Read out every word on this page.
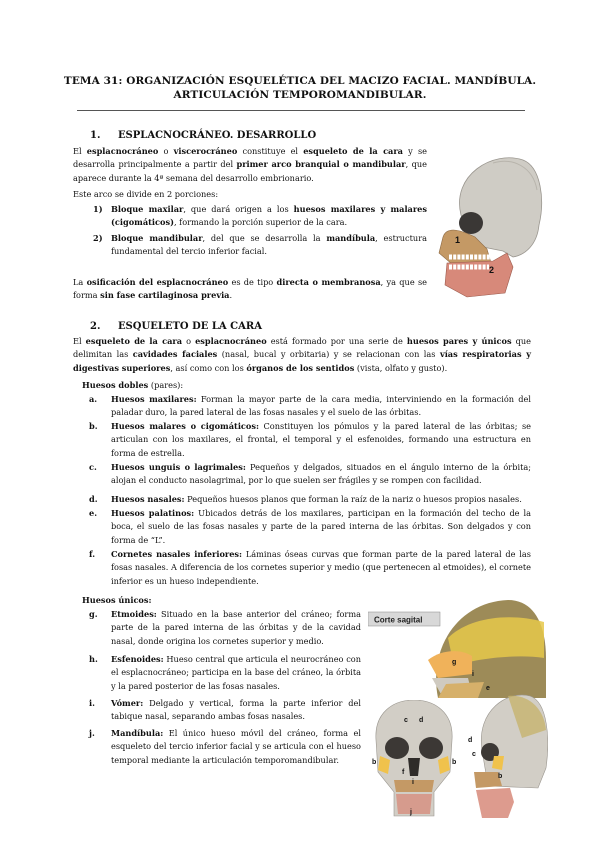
TEMA 31: ORGANIZACIÓN ESQUELÉTICA DEL MACIZO FACIAL. MANDÍBULA.
ARTICULACIÓN TEMPOROMANDIBULAR.
1. ESPLACNOCRÁNEO. DESARROLLO
El esplacnocráneo o viscerocráneo constituye el esqueleto de la cara y se desarrolla principalmente a partir del primer arco branquial o mandibular, que aparece durante la 4ª semana del desarrollo embrionario.
Este arco se divide en 2 porciones:
1) Bloque maxilar, que dará origen a los huesos maxilares y malares (cigomáticos), formando la porción superior de la cara.
2) Bloque mandibular, del que se desarrolla la mandíbula, estructura fundamental del tercio inferior facial.
La osificación del esplacnocráneo es de tipo directa o membranosa, ya que se forma sin fase cartilaginosa previa.
1
2
2. ESQUELETO DE LA CARA
El esqueleto de la cara o esplacnocráneo está formado por una serie de huesos pares y únicos que delimitan las cavidades faciales (nasal, bucal y orbitaria) y se relacionan con las vías respiratorias y digestivas superiores, así como con los órganos de los sentidos (vista, olfato y gusto).
Huesos dobles (pares):
a. Huesos maxilares: Forman la mayor parte de la cara media, interviniendo en la formación del paladar duro, la pared lateral de las fosas nasales y el suelo de las órbitas.
b. Huesos malares o cigomáticos: Constituyen los pómulos y la pared lateral de las órbitas; se articulan con los maxilares, el frontal, el temporal y el esfenoides, formando una estructura en forma de estrella.
c. Huesos unguis o lagrimales: Pequeños y delgados, situados en el ángulo interno de la órbita; alojan el conducto nasolagrimal, por lo que suelen ser frágiles y se rompen con facilidad.
d. Huesos nasales: Pequeños huesos planos que forman la raíz de la nariz o huesos propios nasales.
e. Huesos palatinos: Ubicados detrás de los maxilares, participan en la formación del techo de la boca, el suelo de las fosas nasales y parte de la pared interna de las órbitas. Son delgados y con forma de “L”.
f. Cornetes nasales inferiores: Láminas óseas curvas que forman parte de la pared lateral de las fosas nasales. A diferencia de los cornetes superior y medio (que pertenecen al etmoides), el cornete inferior es un hueso independiente.
Huesos únicos:
g. Etmoides: Situado en la base anterior del cráneo; forma parte de la pared interna de las órbitas y de la cavidad nasal, donde origina los cornetes superior y medio.
h. Esfenoides: Hueso central que articula el neurocráneo con el esplacnocráneo; participa en la base del cráneo, la órbita y la pared posterior de las fosas nasales.
i. Vómer: Delgado y vertical, forma la parte inferior del tabique nasal, separando ambas fosas nasales.
j. Mandíbula: El único hueso móvil del cráneo, forma el esqueleto del tercio inferior facial y se articula con el hueso temporal mediante la articulación temporomandibular.
Corte sagital
g
i
e
c d
b	b
f
i
j
d
c
b
